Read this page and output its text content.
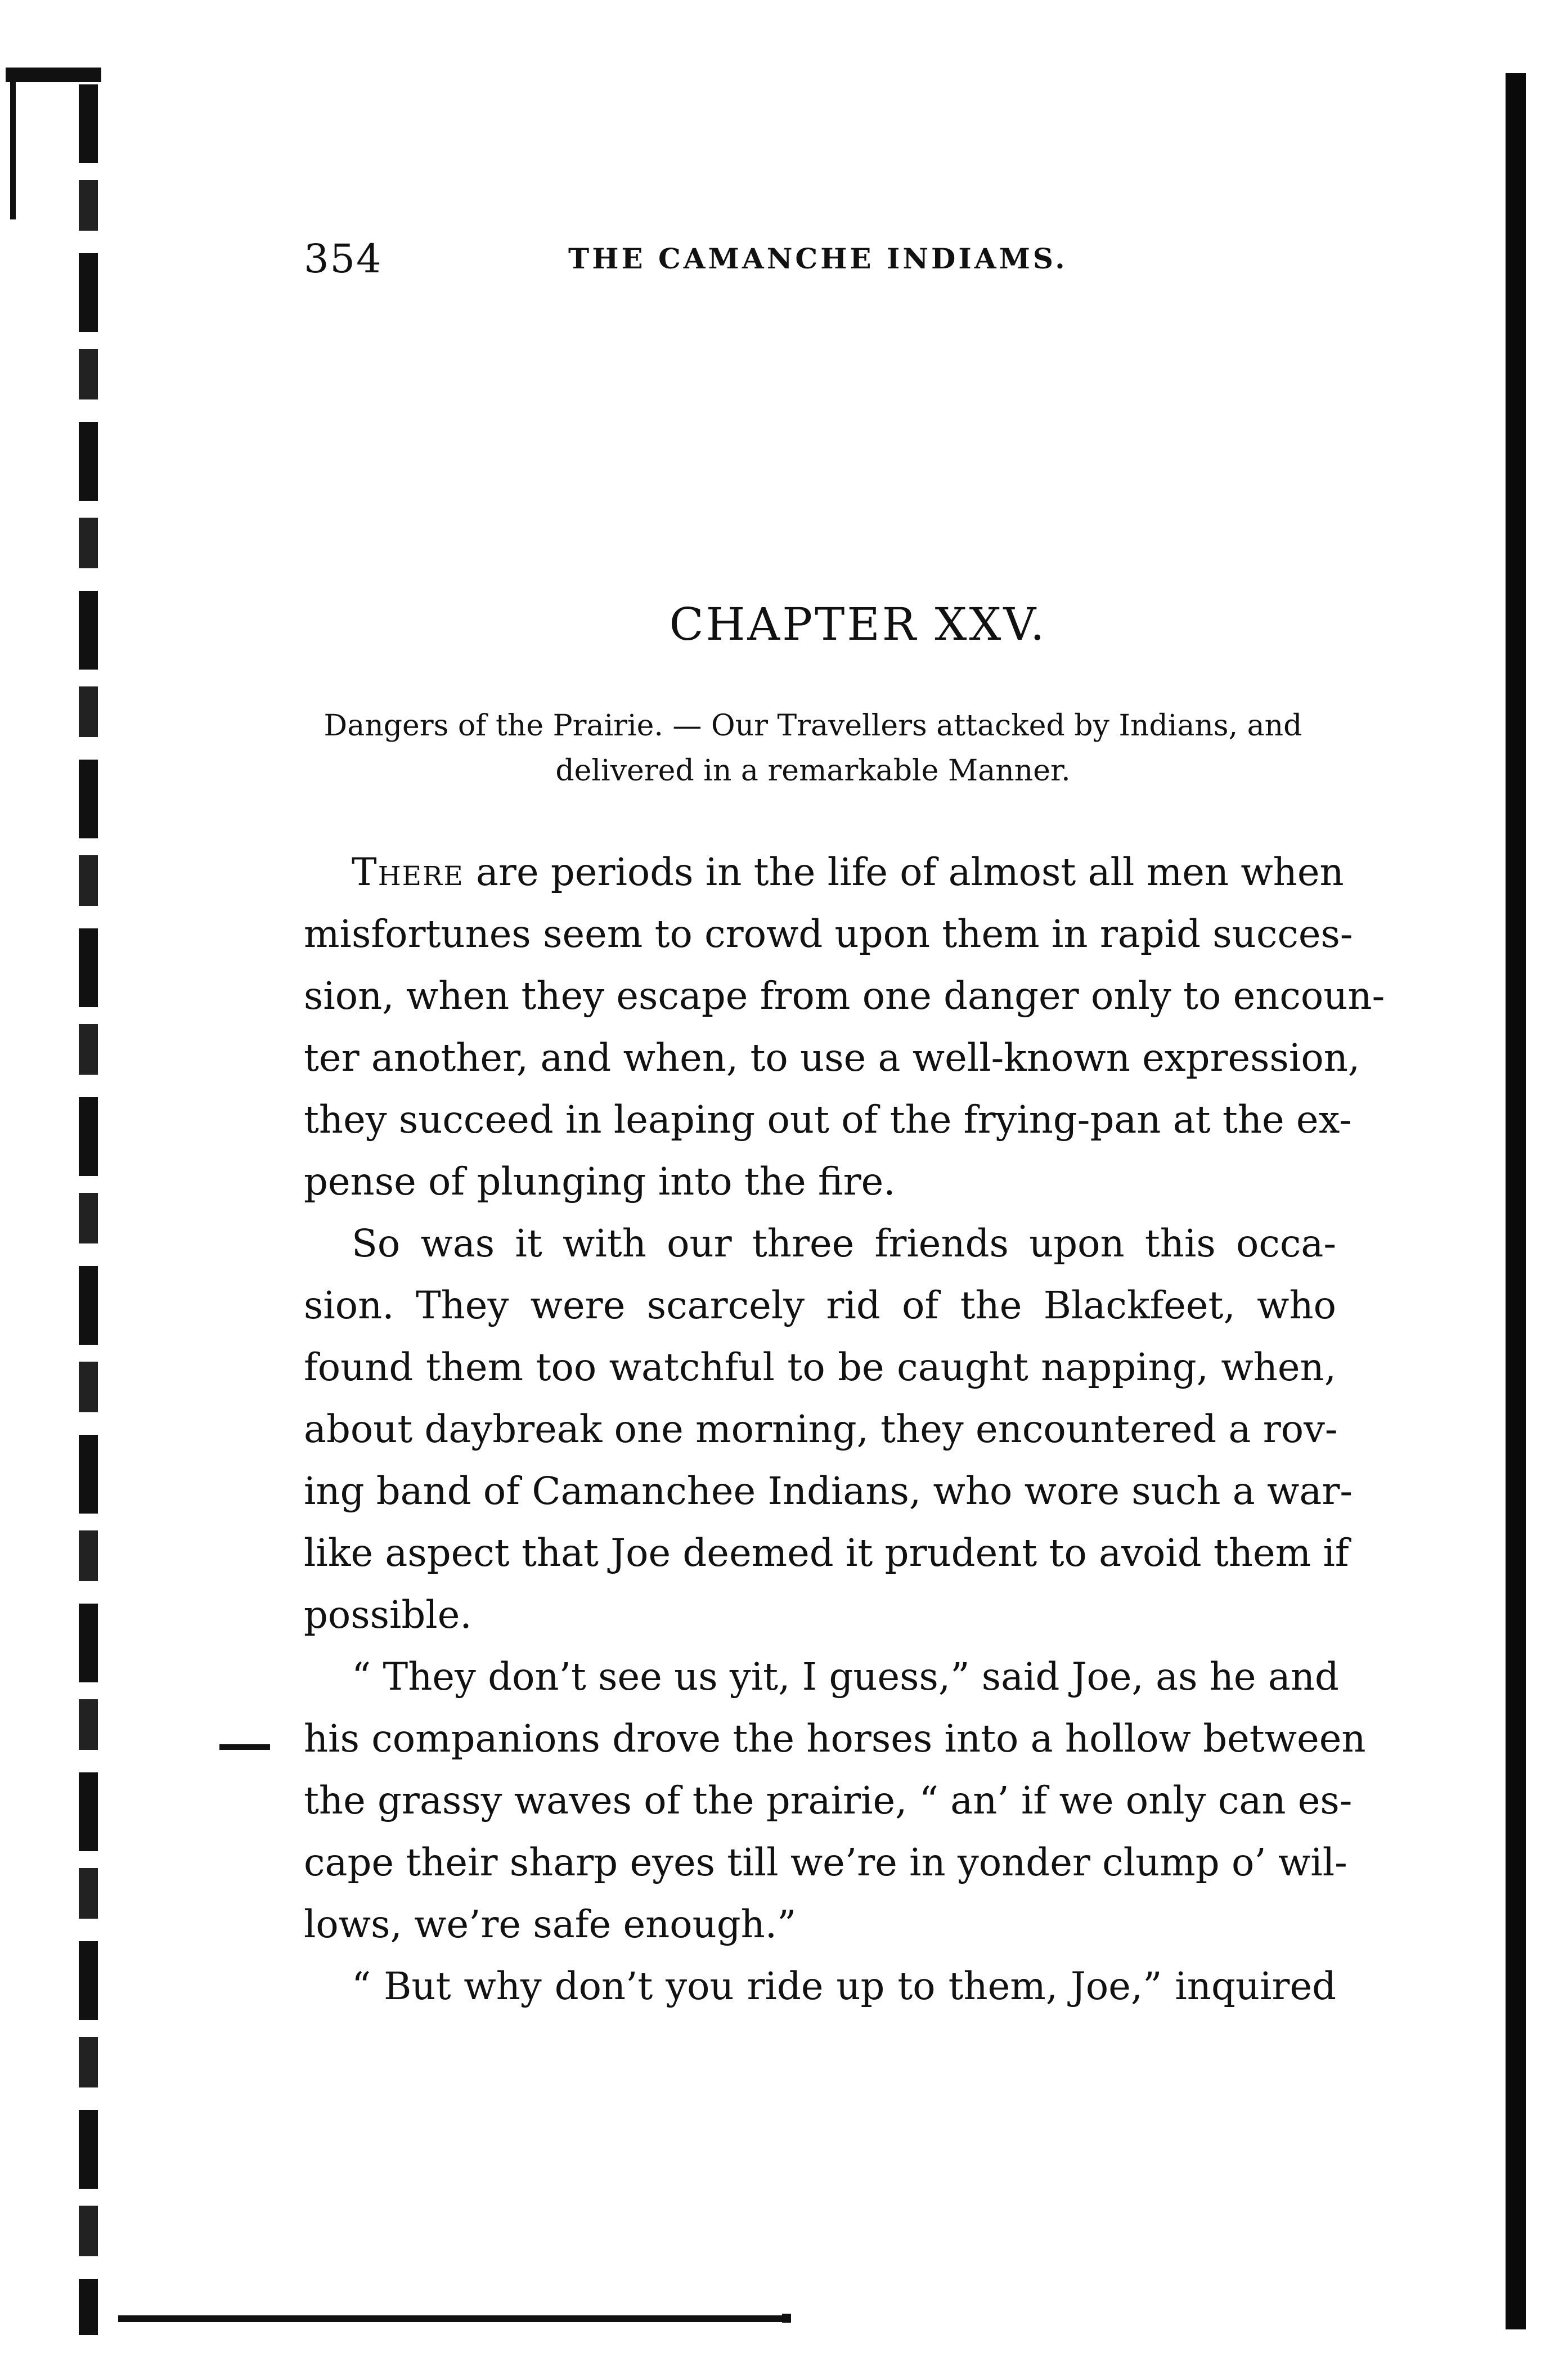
354	THE CAMANCHE INDIAMS.
CHAPTER XXV.
Dangers of the Prairie. — Our Travellers attacked by Indians, and
delivered in a remarkable Manner.
There are periods in the life of almost all men when
misfortunes seem to crowd upon them in rapid succes-
sion, when they escape from one danger only to encoun-
ter another, and when, to use a well-known expression,
they succeed in leaping out of the frying-pan at the ex-
pense of plunging into the fire.
So was it with our three friends upon this occa-
sion. They were scarcely rid of the Blackfeet, who
found them too watchful to be caught napping, when,
about daybreak one morning, they encountered a rov-
ing band of Camanchee Indians, who wore such a war-
like aspect that Joe deemed it prudent to avoid them if
possible.
“ They don’t see us yit, I guess,” said Joe, as he and
his companions drove the horses into a hollow between
the grassy waves of the prairie, “ an’ if we only can es-
cape their sharp eyes till we’re in yonder clump o’ wil-
lows, we’re safe enough.”
“ But why don’t you ride up to them, Joe,” inquired
